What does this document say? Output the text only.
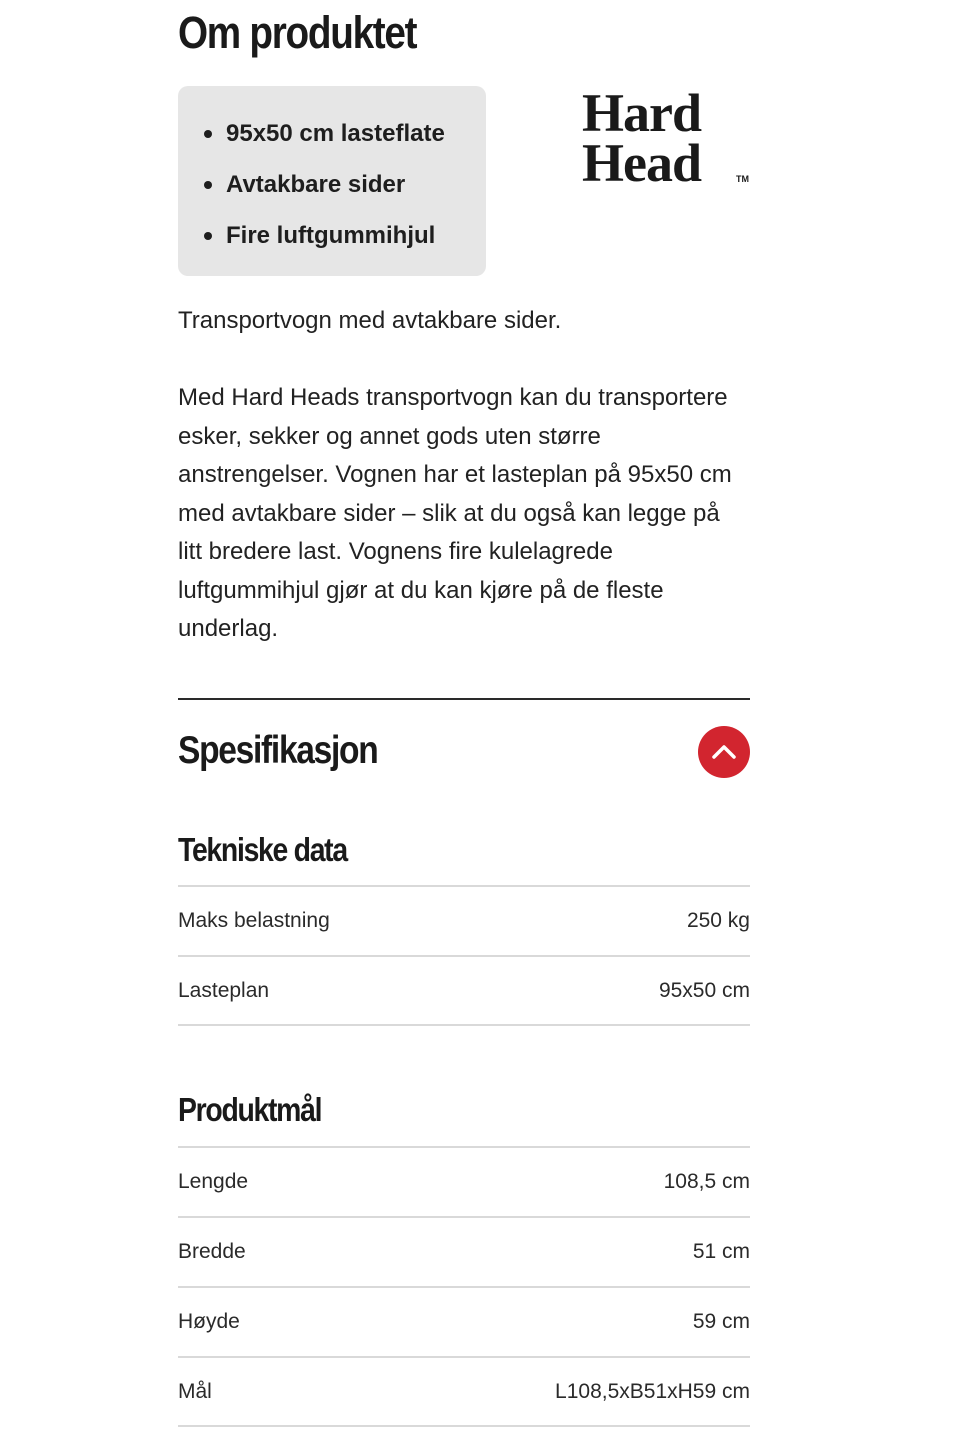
Om produktet
95x50 cm lasteflate
Avtakbare sider
Fire luftgummihjul
Hard
Head	TM

Transportvogn med avtakbare sider.

Med Hard Heads transportvogn kan du transportere esker, sekker og annet gods uten større anstrengelser. Vognen har et lasteplan på 95x50 cm med avtakbare sider – slik at du også kan legge på litt bredere last. Vognens fire kulelagrede luftgummihjul gjør at du kan kjøre på de fleste underlag.

Spesifikasjon
Tekniske data
Maks belastning	250 kg
Lasteplan	95x50 cm
Produktmål
Lengde	108,5 cm
Bredde	51 cm
Høyde	59 cm
Mål	L108,5xB51xH59 cm
